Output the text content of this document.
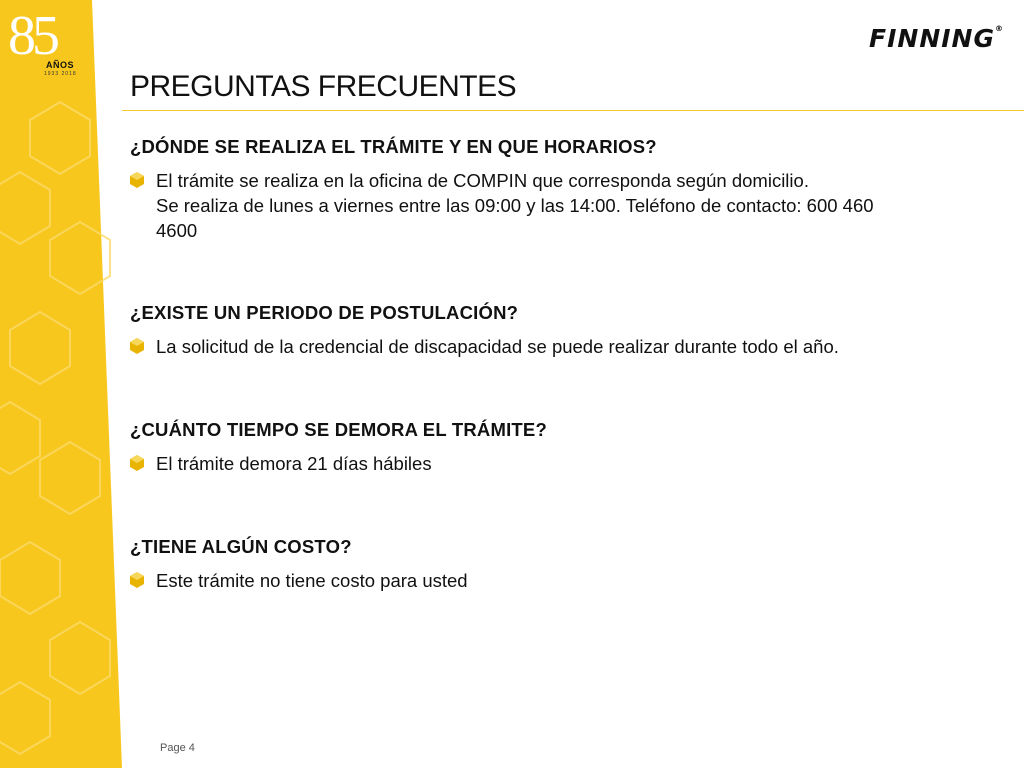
85
AÑOS
1933 2018
FINNING®
PREGUNTAS FRECUENTES
¿DÓNDE SE REALIZA EL TRÁMITE Y EN QUE HORARIOS?
El trámite se realiza en la oficina de COMPIN que corresponda según domicilio.
Se realiza de lunes a viernes entre las 09:00 y las 14:00. Teléfono de contacto: 600 460
4600
¿EXISTE UN PERIODO DE POSTULACIÓN?
La solicitud de la credencial de discapacidad se puede realizar durante todo el año.
¿CUÁNTO TIEMPO SE DEMORA EL TRÁMITE?
El trámite demora 21 días hábiles
¿TIENE ALGÚN COSTO?
Este trámite no tiene costo para usted
Page 4
